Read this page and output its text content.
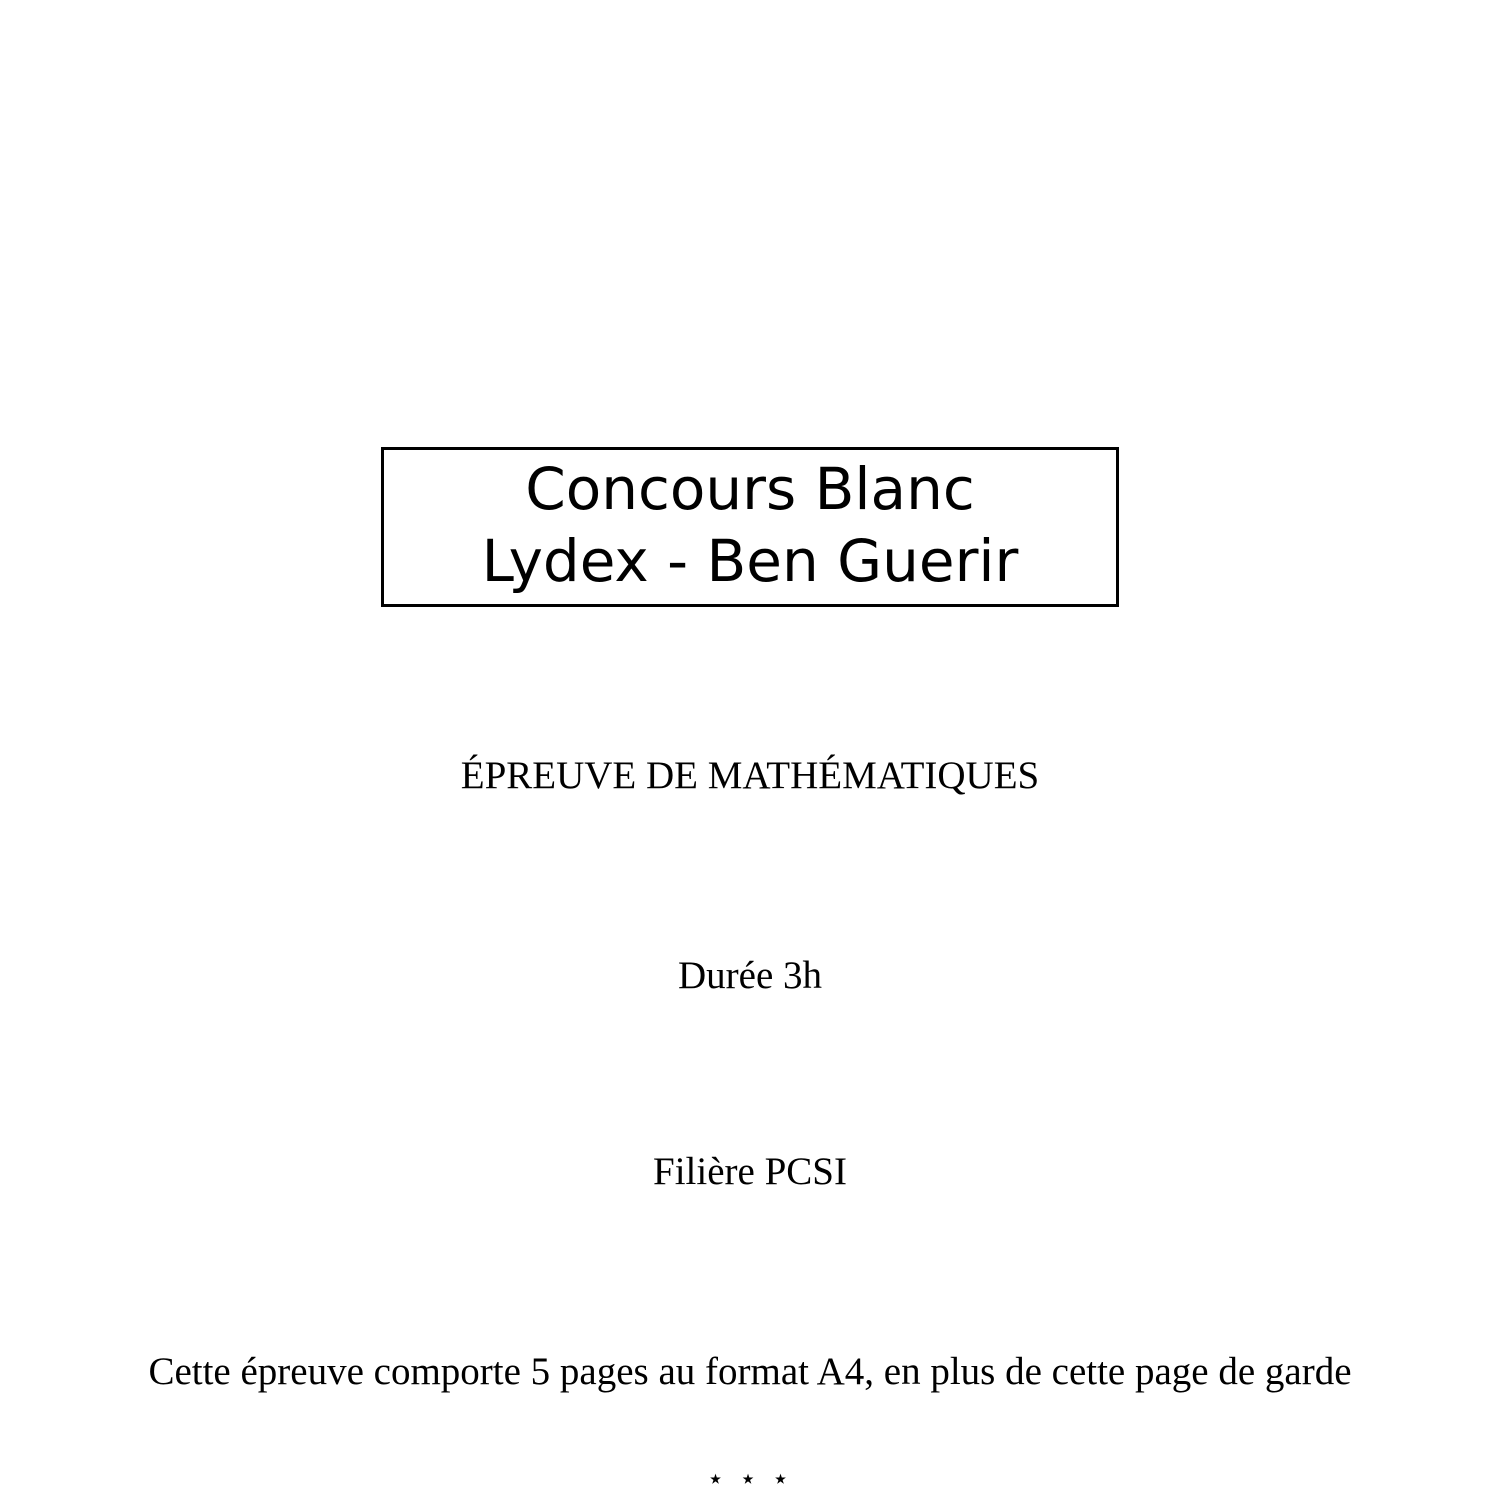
Concours Blanc
Lydex - Ben Guerir
ÉPREUVE DE MATHÉMATIQUES
Durée 3h
Filière PCSI
Cette épreuve comporte 5 pages au format A4, en plus de cette page de garde
⋆ ⋆ ⋆
